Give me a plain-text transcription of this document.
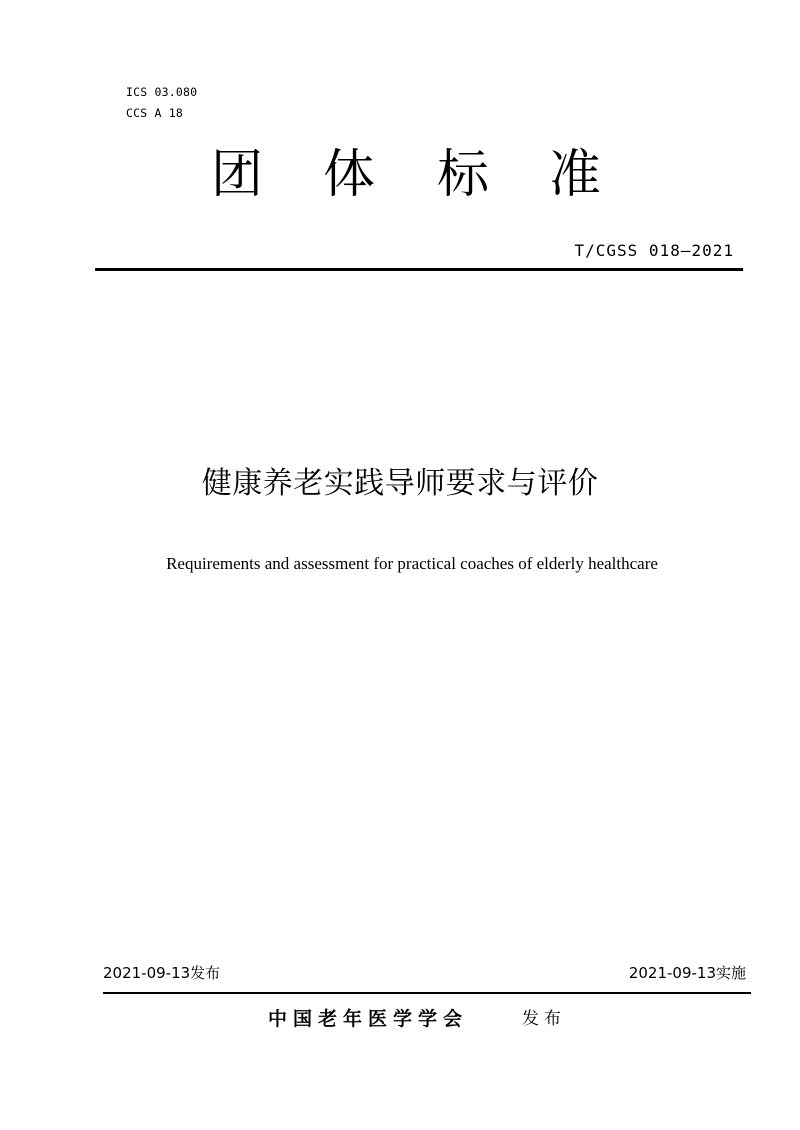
ICS 03.080
CCS A 18
团 体 标 准
T/CGSS 018—2021
健康养老实践导师要求与评价
Requirements and assessment for practical coaches of elderly healthcare
2021-09-13发布	2021-09-13实施
中国老年医学学会	发布
